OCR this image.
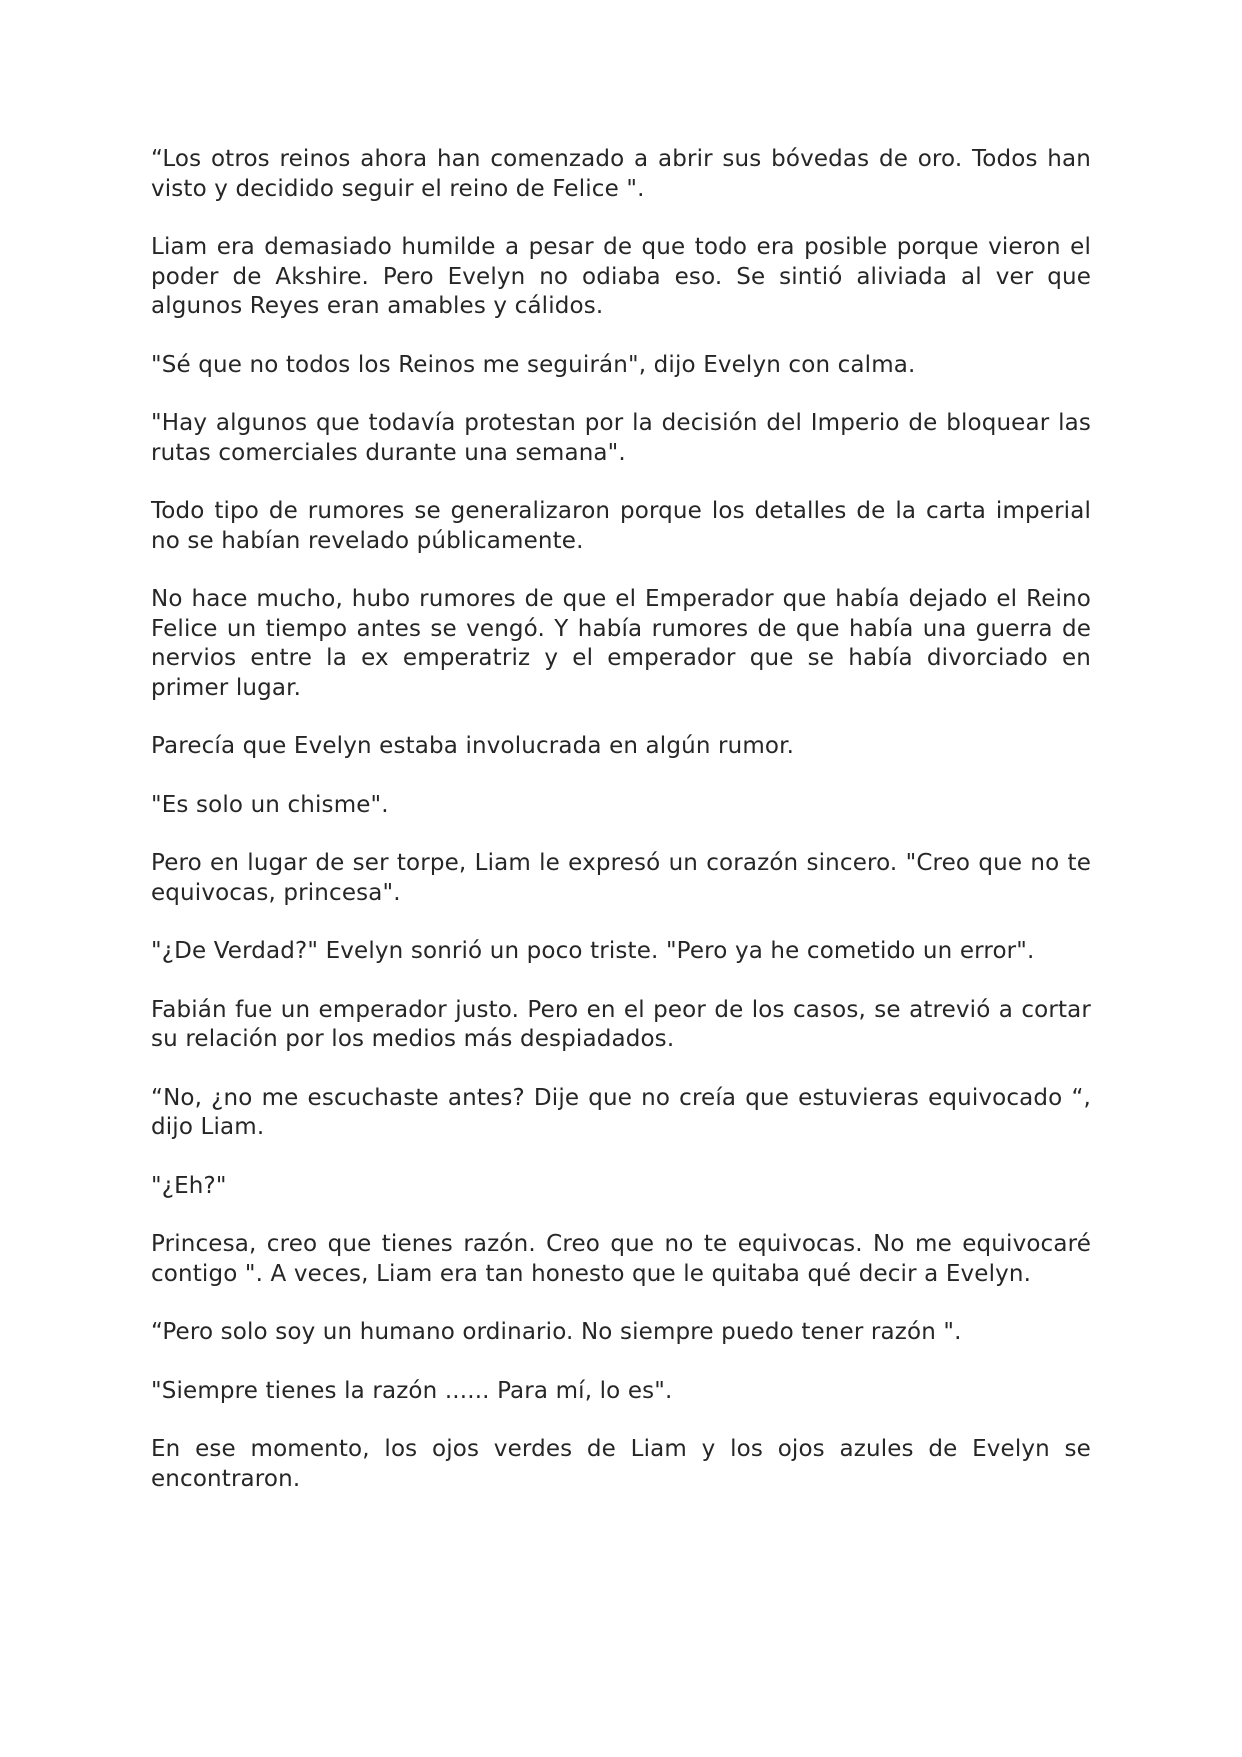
“Los otros reinos ahora han comenzado a abrir sus bóvedas de oro. Todos han visto y decidido seguir el reino de Felice ".

Liam era demasiado humilde a pesar de que todo era posible porque vieron el poder de Akshire. Pero Evelyn no odiaba eso. Se sintió aliviada al ver que algunos Reyes eran amables y cálidos.

"Sé que no todos los Reinos me seguirán", dijo Evelyn con calma.

"Hay algunos que todavía protestan por la decisión del Imperio de bloquear las rutas comerciales durante una semana".

Todo tipo de rumores se generalizaron porque los detalles de la carta imperial no se habían revelado públicamente.

No hace mucho, hubo rumores de que el Emperador que había dejado el Reino Felice un tiempo antes se vengó. Y había rumores de que había una guerra de nervios entre la ex emperatriz y el emperador que se había divorciado en primer lugar.

Parecía que Evelyn estaba involucrada en algún rumor.

"Es solo un chisme".

Pero en lugar de ser torpe, Liam le expresó un corazón sincero. "Creo que no te equivocas, princesa".

"¿De Verdad?" Evelyn sonrió un poco triste. "Pero ya he cometido un error".

Fabián fue un emperador justo. Pero en el peor de los casos, se atrevió a cortar su relación por los medios más despiadados.

“No, ¿no me escuchaste antes? Dije que no creía que estuvieras equivocado “, dijo Liam.

"¿Eh?"

Princesa, creo que tienes razón. Creo que no te equivocas. No me equivocaré contigo ". A veces, Liam era tan honesto que le quitaba qué decir a Evelyn.

“Pero solo soy un humano ordinario. No siempre puedo tener razón ".

"Siempre tienes la razón ...... Para mí, lo es".

En ese momento, los ojos verdes de Liam y los ojos azules de Evelyn se encontraron.
